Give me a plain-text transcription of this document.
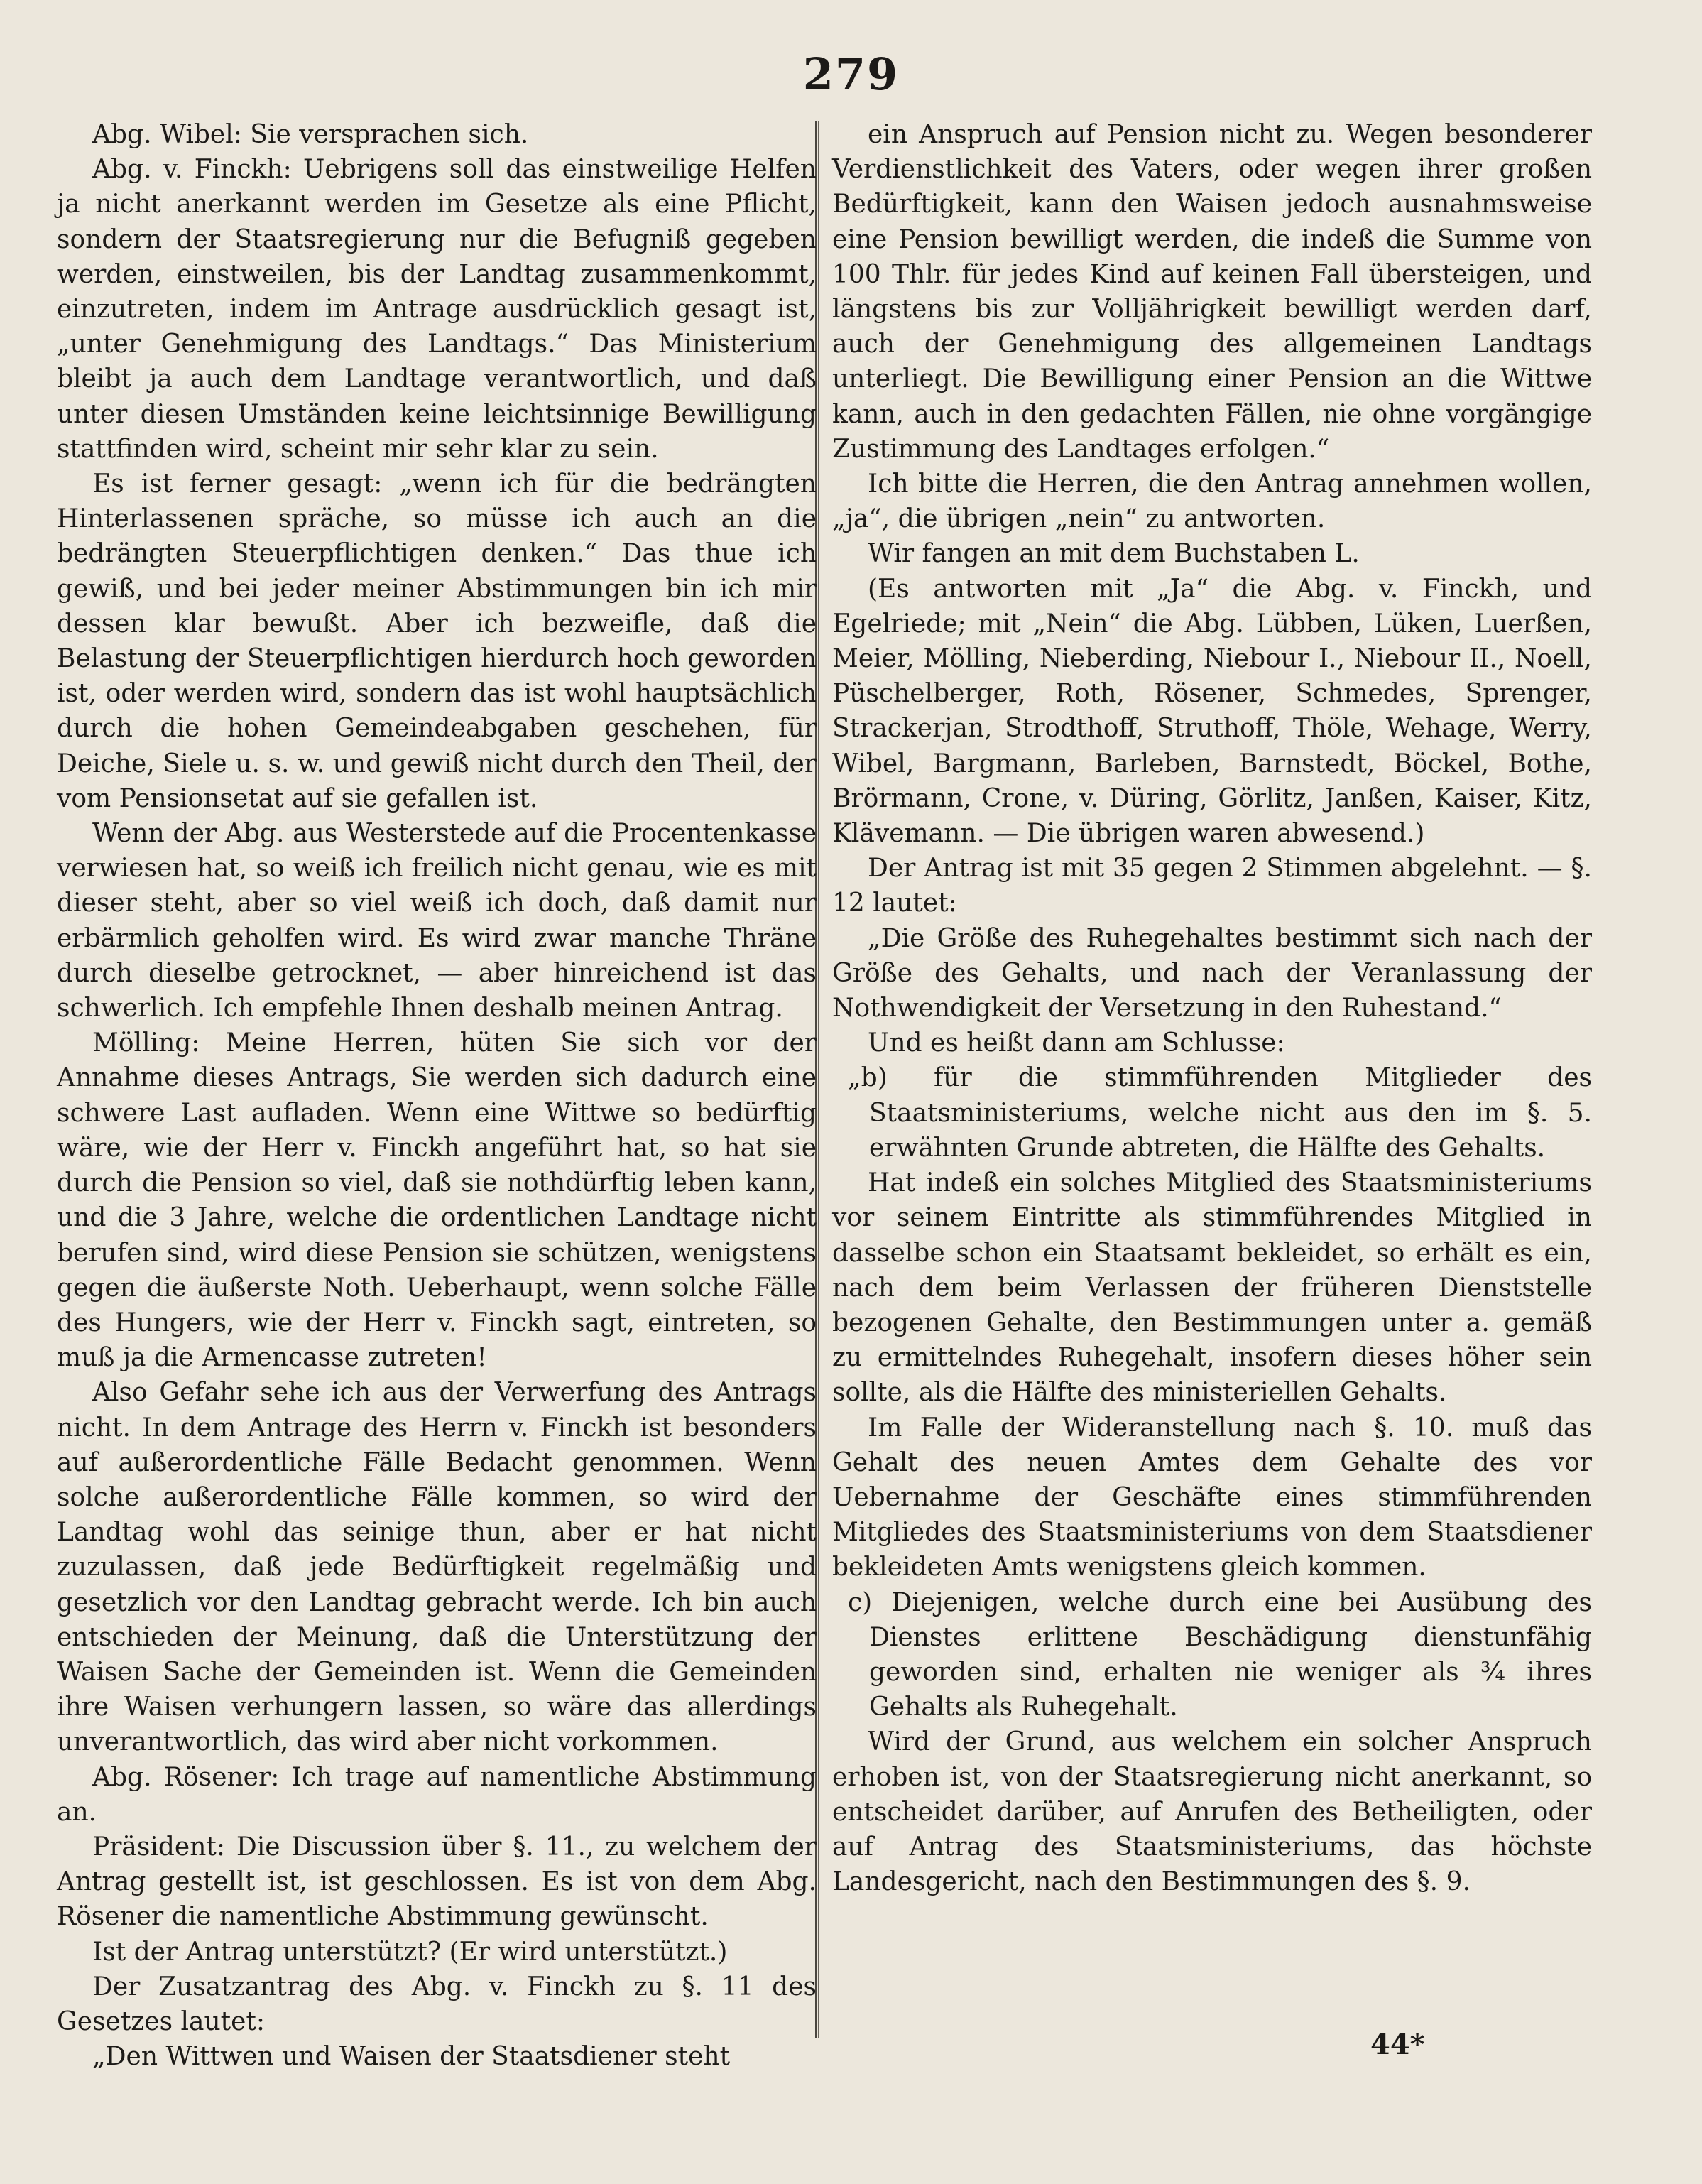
279

Abg. Wibel: Sie versprachen sich.

Abg. v. Finckh: Uebrigens soll das einstweilige Helfen ja nicht anerkannt werden im Gesetze als eine Pflicht, sondern der Staatsregierung nur die Befugniß gegeben werden, einstweilen, bis der Landtag zusammenkommt, einzutreten, indem im Antrage ausdrücklich gesagt ist, „unter Genehmigung des Landtags.“ Das Ministerium bleibt ja auch dem Landtage verantwortlich, und daß unter diesen Umständen keine leichtsinnige Bewilligung stattfinden wird, scheint mir sehr klar zu sein.

Es ist ferner gesagt: „wenn ich für die bedrängten Hinterlassenen spräche, so müsse ich auch an die bedrängten Steuerpflichtigen denken.“ Das thue ich gewiß, und bei jeder meiner Abstimmungen bin ich mir dessen klar bewußt. Aber ich bezweifle, daß die Belastung der Steuerpflichtigen hierdurch hoch geworden ist, oder werden wird, sondern das ist wohl hauptsächlich durch die hohen Gemeindeabgaben geschehen, für Deiche, Siele u. s. w. und gewiß nicht durch den Theil, der vom Pensionsetat auf sie gefallen ist.

Wenn der Abg. aus Westerstede auf die Procentenkasse verwiesen hat, so weiß ich freilich nicht genau, wie es mit dieser steht, aber so viel weiß ich doch, daß damit nur erbärmlich geholfen wird. Es wird zwar manche Thräne durch dieselbe getrocknet, — aber hinreichend ist das schwerlich. Ich empfehle Ihnen deshalb meinen Antrag.

Mölling: Meine Herren, hüten Sie sich vor der Annahme dieses Antrags, Sie werden sich dadurch eine schwere Last aufladen. Wenn eine Wittwe so bedürftig wäre, wie der Herr v. Finckh angeführt hat, so hat sie durch die Pension so viel, daß sie nothdürftig leben kann, und die 3 Jahre, welche die ordentlichen Landtage nicht berufen sind, wird diese Pension sie schützen, wenigstens gegen die äußerste Noth. Ueberhaupt, wenn solche Fälle des Hungers, wie der Herr v. Finckh sagt, eintreten, so muß ja die Armencasse zutreten!

Also Gefahr sehe ich aus der Verwerfung des Antrags nicht. In dem Antrage des Herrn v. Finckh ist besonders auf außerordentliche Fälle Bedacht genommen. Wenn solche außerordentliche Fälle kommen, so wird der Landtag wohl das seinige thun, aber er hat nicht zuzulassen, daß jede Bedürftigkeit regelmäßig und gesetzlich vor den Landtag gebracht werde. Ich bin auch entschieden der Meinung, daß die Unterstützung der Waisen Sache der Gemeinden ist. Wenn die Gemeinden ihre Waisen verhungern lassen, so wäre das allerdings unverantwortlich, das wird aber nicht vorkommen.

Abg. Rösener: Ich trage auf namentliche Abstimmung an.

Präsident: Die Discussion über §. 11., zu welchem der Antrag gestellt ist, ist geschlossen. Es ist von dem Abg. Rösener die namentliche Abstimmung gewünscht.

Ist der Antrag unterstützt? (Er wird unterstützt.)

Der Zusatzantrag des Abg. v. Finckh zu §. 11 des Gesetzes lautet:

„Den Wittwen und Waisen der Staatsdiener steht

ein Anspruch auf Pension nicht zu. Wegen besonderer Verdienstlichkeit des Vaters, oder wegen ihrer großen Bedürftigkeit, kann den Waisen jedoch ausnahmsweise eine Pension bewilligt werden, die indeß die Summe von 100 Thlr. für jedes Kind auf keinen Fall übersteigen, und längstens bis zur Volljährigkeit bewilligt werden darf, auch der Genehmigung des allgemeinen Landtags unterliegt. Die Bewilligung einer Pension an die Wittwe kann, auch in den gedachten Fällen, nie ohne vorgängige Zustimmung des Landtages erfolgen.“

Ich bitte die Herren, die den Antrag annehmen wollen, „ja“, die übrigen „nein“ zu antworten.

Wir fangen an mit dem Buchstaben L.

(Es antworten mit „Ja“ die Abg. v. Finckh, und Egelriede; mit „Nein“ die Abg. Lübben, Lüken, Luerßen, Meier, Mölling, Nieberding, Niebour I., Niebour II., Noell, Püschelberger, Roth, Rösener, Schmedes, Sprenger, Strackerjan, Strodthoff, Struthoff, Thöle, Wehage, Werry, Wibel, Bargmann, Barleben, Barnstedt, Böckel, Bothe, Brörmann, Crone, v. Düring, Görlitz, Janßen, Kaiser, Kitz, Klävemann. — Die übrigen waren abwesend.)

Der Antrag ist mit 35 gegen 2 Stimmen abgelehnt. — §. 12 lautet:

„Die Größe des Ruhegehaltes bestimmt sich nach der Größe des Gehalts, und nach der Veranlassung der Nothwendigkeit der Versetzung in den Ruhestand.“

Und es heißt dann am Schlusse:

„b) für die stimmführenden Mitglieder des Staatsministeriums, welche nicht aus den im §. 5. erwähnten Grunde abtreten, die Hälfte des Gehalts.

Hat indeß ein solches Mitglied des Staatsministeriums vor seinem Eintritte als stimmführendes Mitglied in dasselbe schon ein Staatsamt bekleidet, so erhält es ein, nach dem beim Verlassen der früheren Dienststelle bezogenen Gehalte, den Bestimmungen unter a. gemäß zu ermittelndes Ruhegehalt, insofern dieses höher sein sollte, als die Hälfte des ministeriellen Gehalts.

Im Falle der Wideranstellung nach §. 10. muß das Gehalt des neuen Amtes dem Gehalte des vor Uebernahme der Geschäfte eines stimmführenden Mitgliedes des Staatsministeriums von dem Staatsdiener bekleideten Amts wenigstens gleich kommen.

c) Diejenigen, welche durch eine bei Ausübung des Dienstes erlittene Beschädigung dienstunfähig geworden sind, erhalten nie weniger als ¾ ihres Gehalts als Ruhegehalt.

Wird der Grund, aus welchem ein solcher Anspruch erhoben ist, von der Staatsregierung nicht anerkannt, so entscheidet darüber, auf Anrufen des Betheiligten, oder auf Antrag des Staatsministeriums, das höchste Landesgericht, nach den Bestimmungen des §. 9.

44*
